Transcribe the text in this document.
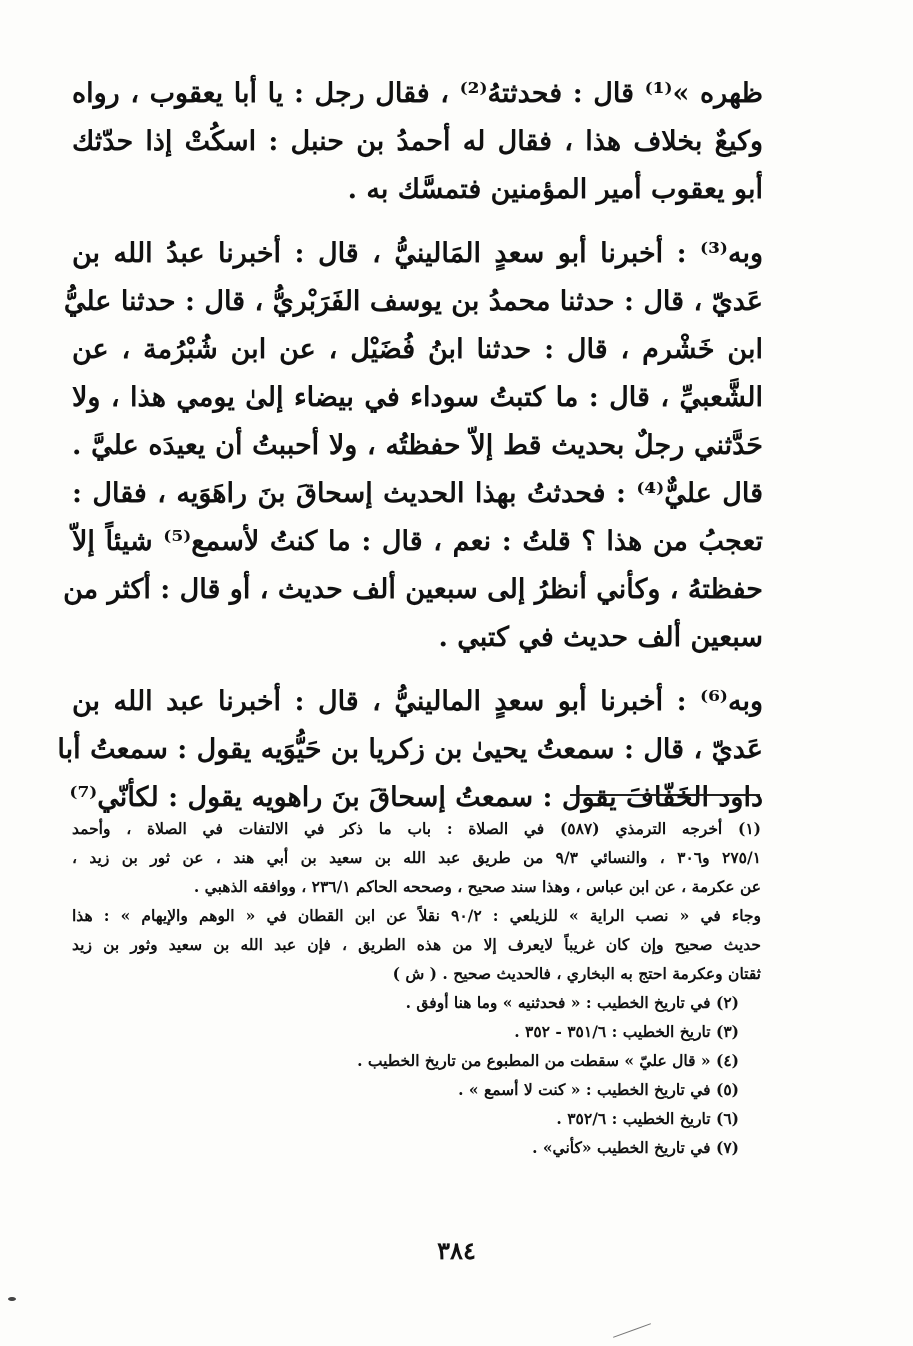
ظهره »⁽¹⁾ قال : فحدثتهُ⁽²⁾ ، فقال رجل : يا أبا يعقوب ، رواه
وكيعٌ بخلاف هذا ، فقال له أحمدُ بن حنبل : اسكُتْ إذا حدّثك
أبو يعقوب أمير المؤمنين فتمسَّك به .
وبه⁽³⁾ : أخبرنا أبو سعدٍ المَالينيُّ ، قال : أخبرنا عبدُ الله بن
عَديّ ، قال : حدثنا محمدُ بن يوسف الفَرَبْريُّ ، قال : حدثنا عليُّ
ابن خَشْرم ، قال : حدثنا ابنُ فُضَيْل ، عن ابن شُبْرُمة ، عن
الشَّعبيِّ ، قال : ما كتبتُ سوداء في بيضاء إلىٰ يومي هذا ، ولا
حَدَّثني رجلٌ بحديث قط إلاّ حفظتُه ، ولا أحببتُ أن يعيدَه عليَّ .
قال عليٌّ⁽⁴⁾ : فحدثتُ بهذا الحديث إسحاقَ بنَ راهَوَيه ، فقال :
تعجبُ من هذا ؟ قلتُ : نعم ، قال : ما كنتُ لأسمع⁽⁵⁾ شيئاً إلاّ
حفظتهُ ، وكأني أنظرُ إلى سبعين ألف حديث ، أو قال : أكثر من
سبعين ألف حديث في كتبي .
وبه⁽⁶⁾ : أخبرنا أبو سعدٍ المالينيُّ ، قال : أخبرنا عبد الله بن
عَديّ ، قال : سمعتُ يحيىٰ بن زكريا بن حَيُّوَيه يقول : سمعتُ أبا
داود الخَفّافَ يقول : سمعتُ إسحاقَ بنَ راهويه يقول : لكأنّي⁽⁷⁾
(١) أخرجه الترمذي (٥٨٧) في الصلاة : باب ما ذكر في الالتفات في الصلاة ، وأحمد
٢٧٥/١ و٣٠٦ ، والنسائي ٩/٣ من طريق عبد الله بن سعيد بن أبي هند ، عن ثور بن زيد ،
عن عكرمة ، عن ابن عباس ، وهذا سند صحيح ، وصححه الحاكم ٢٣٦/١ ، ووافقه الذهبي .
وجاء في « نصب الراية » للزيلعي : ٩٠/٢ نقلاً عن ابن القطان في « الوهم والإيهام » : هذا
حديث صحيح وإن كان غريباً لايعرف إلا من هذه الطريق ، فإن عبد الله بن سعيد وثور بن زيد
ثقتان وعكرمة احتج به البخاري ، فالحديث صحيح . ( ش )
(٢) في تاريخ الخطيب : « فحدثنيه » وما هنا أوفق .
(٣) تاريخ الخطيب : ٣٥١/٦ - ٣٥٢ .
(٤) « قال عليّ » سقطت من المطبوع من تاريخ الخطيب .
(٥) في تاريخ الخطيب : « كنت لا أسمع » .
(٦) تاريخ الخطيب : ٣٥٢/٦ .
(٧) في تاريخ الخطيب «كأني» .
٣٨٤
